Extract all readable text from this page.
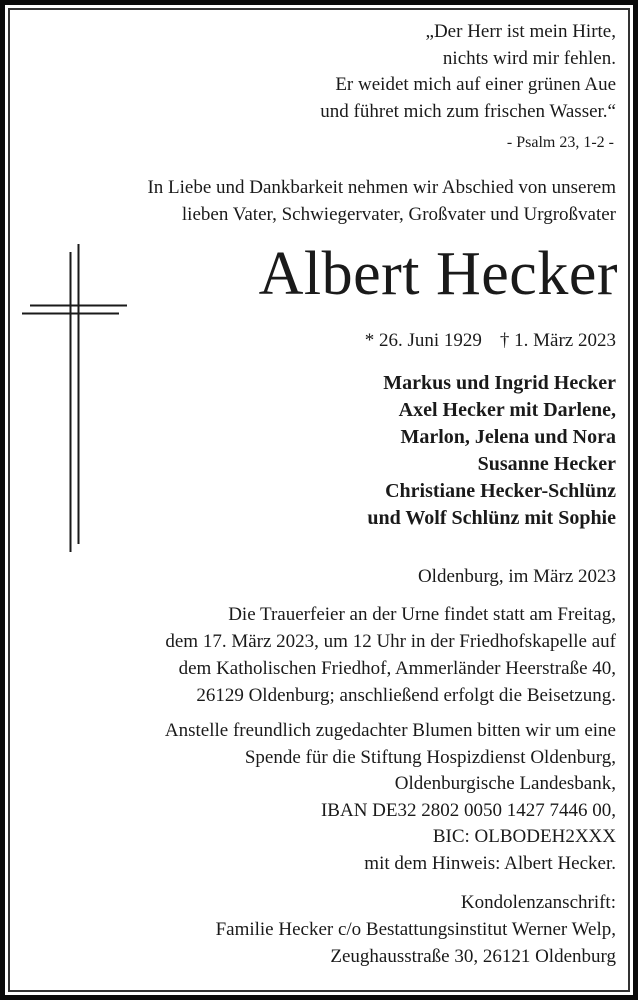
„Der Herr ist mein Hirte,
nichts wird mir fehlen.
Er weidet mich auf einer grünen Aue
und führet mich zum frischen Wasser.“
- Psalm 23, 1-2 -
In Liebe und Dankbarkeit nehmen wir Abschied von unserem
lieben Vater, Schwiegervater, Großvater und Urgroßvater
Albert Hecker
* 26. Juni 1929 † 1. März 2023
Markus und Ingrid Hecker
Axel Hecker mit Darlene,
Marlon, Jelena und Nora
Susanne Hecker
Christiane Hecker-Schlünz
und Wolf Schlünz mit Sophie
Oldenburg, im März 2023
Die Trauerfeier an der Urne findet statt am Freitag,
dem 17. März 2023, um 12 Uhr in der Friedhofskapelle auf
dem Katholischen Friedhof, Ammerländer Heerstraße 40,
26129 Oldenburg; anschließend erfolgt die Beisetzung.
Anstelle freundlich zugedachter Blumen bitten wir um eine
Spende für die Stiftung Hospizdienst Oldenburg,
Oldenburgische Landesbank,
IBAN DE32 2802 0050 1427 7446 00,
BIC: OLBODEH2XXX
mit dem Hinweis: Albert Hecker.
Kondolenzanschrift:
Familie Hecker c/o Bestattungsinstitut Werner Welp,
Zeughausstraße 30, 26121 Oldenburg
